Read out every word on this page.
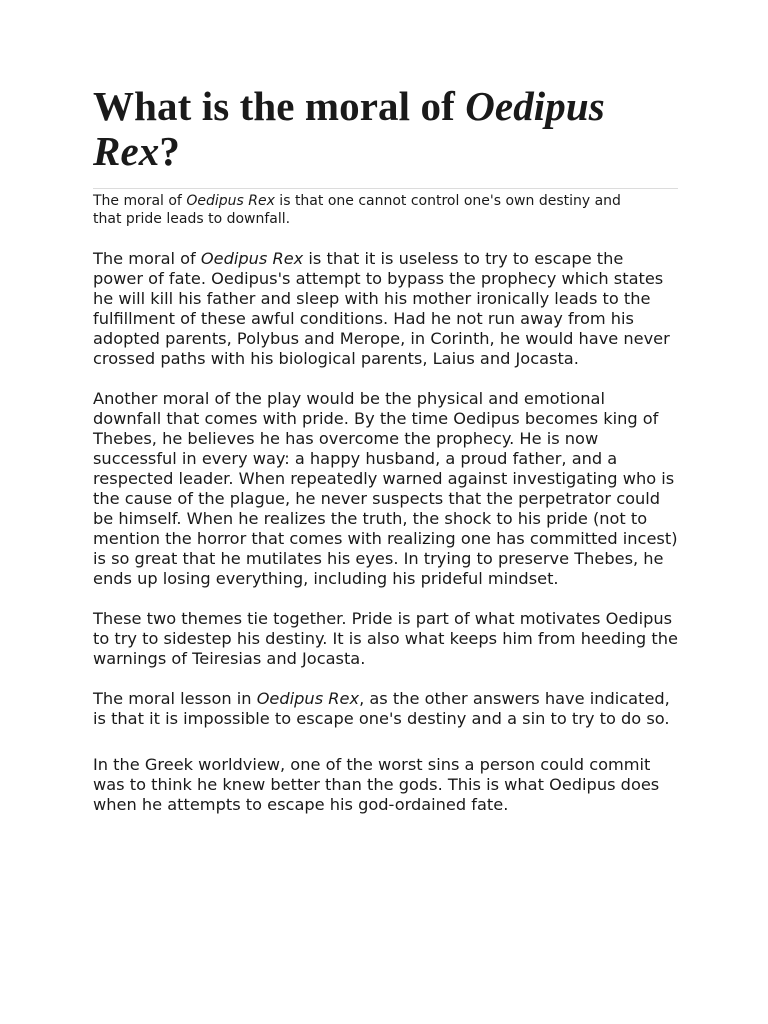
What is the moral of Oedipus Rex?

The moral of Oedipus Rex is that one cannot control one's own destiny and that pride leads to downfall.

The moral of Oedipus Rex is that it is useless to try to escape the power of fate. Oedipus's attempt to bypass the prophecy which states he will kill his father and sleep with his mother ironically leads to the fulfillment of these awful conditions. Had he not run away from his adopted parents, Polybus and Merope, in Corinth, he would have never crossed paths with his biological parents, Laius and Jocasta.

Another moral of the play would be the physical and emotional downfall that comes with pride. By the time Oedipus becomes king of Thebes, he believes he has overcome the prophecy. He is now successful in every way: a happy husband, a proud father, and a respected leader. When repeatedly warned against investigating who is the cause of the plague, he never suspects that the perpetrator could be himself. When he realizes the truth, the shock to his pride (not to mention the horror that comes with realizing one has committed incest) is so great that he mutilates his eyes. In trying to preserve Thebes, he ends up losing everything, including his prideful mindset.

These two themes tie together. Pride is part of what motivates Oedipus to try to sidestep his destiny. It is also what keeps him from heeding the warnings of Teiresias and Jocasta.

The moral lesson in Oedipus Rex, as the other answers have indicated, is that it is impossible to escape one's destiny and a sin to try to do so.

In the Greek worldview, one of the worst sins a person could commit was to think he knew better than the gods. This is what Oedipus does when he attempts to escape his god-ordained fate.
